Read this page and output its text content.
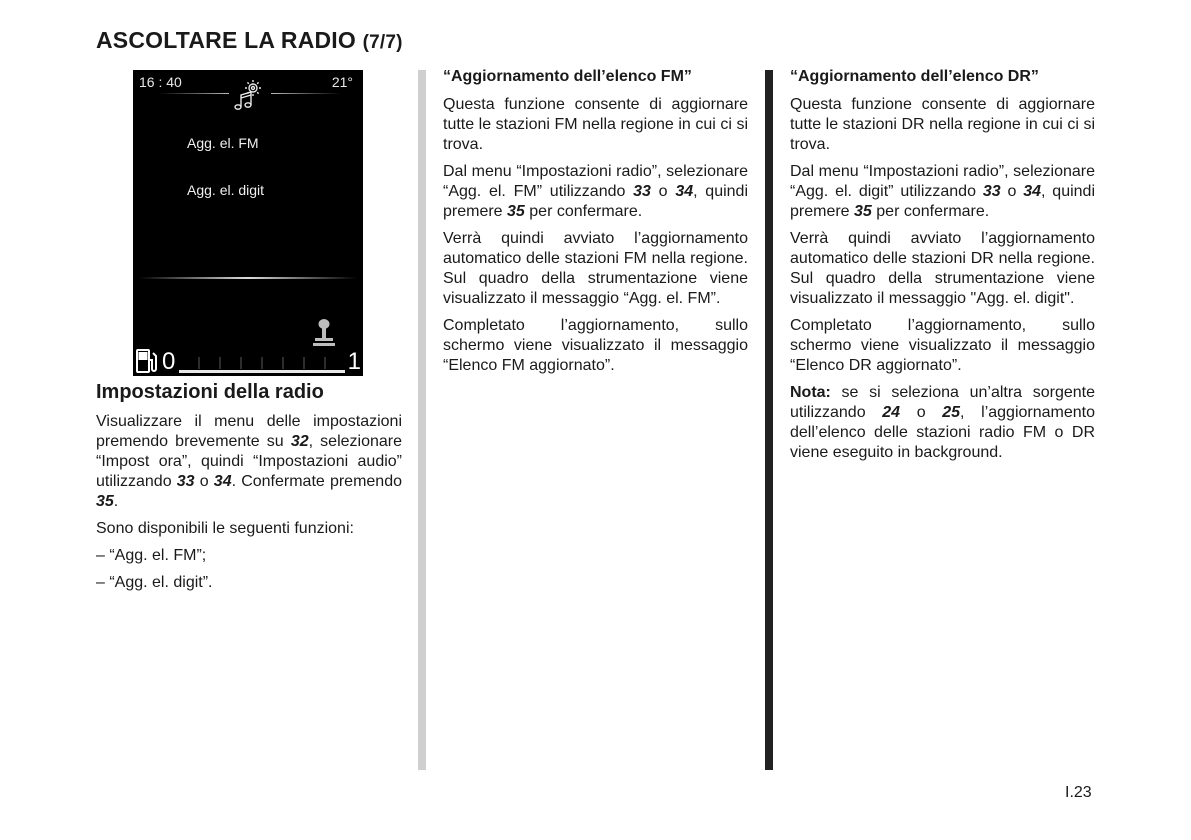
ASCOLTARE LA RADIO (7/7)
16 : 40	21°
Agg. el. FM
Agg. el. digit
0	1
Impostazioni della radio

Visualizzare il menu delle impostazioni premendo brevemente su 32, selezionare “Impost ora”, quindi “Impostazioni audio” utilizzando 33 o 34. Confermate premendo 35.

Sono disponibili le seguenti funzioni:

– “Agg. el. FM”;

– “Agg. el. digit”.

“Aggiornamento dell’elenco FM”

Questa funzione consente di aggiornare tutte le stazioni FM nella regione in cui ci si trova.

Dal menu “Impostazioni radio”, selezionare “Agg. el. FM” utilizzando 33 o 34, quindi premere 35 per confermare.

Verrà quindi avviato l’aggiornamento automatico delle stazioni FM nella regione. Sul quadro della strumentazione viene visualizzato il messaggio “Agg. el. FM”.

Completato l’aggiornamento, sullo schermo viene visualizzato il messaggio “Elenco FM aggiornato”.

“Aggiornamento dell’elenco DR”

Questa funzione consente di aggiornare tutte le stazioni DR nella regione in cui ci si trova.

Dal menu “Impostazioni radio”, selezionare “Agg. el. digit” utilizzando 33 o 34, quindi premere 35 per confermare.

Verrà quindi avviato l’aggiornamento automatico delle stazioni DR nella regione. Sul quadro della strumentazione viene visualizzato il messaggio "Agg. el. digit".

Completato l’aggiornamento, sullo schermo viene visualizzato il messaggio “Elenco DR aggiornato”.

Nota: se si seleziona un’altra sorgente utilizzando 24 o 25, l’aggiornamento dell’elenco delle stazioni radio FM o DR viene eseguito in background.

I.23
